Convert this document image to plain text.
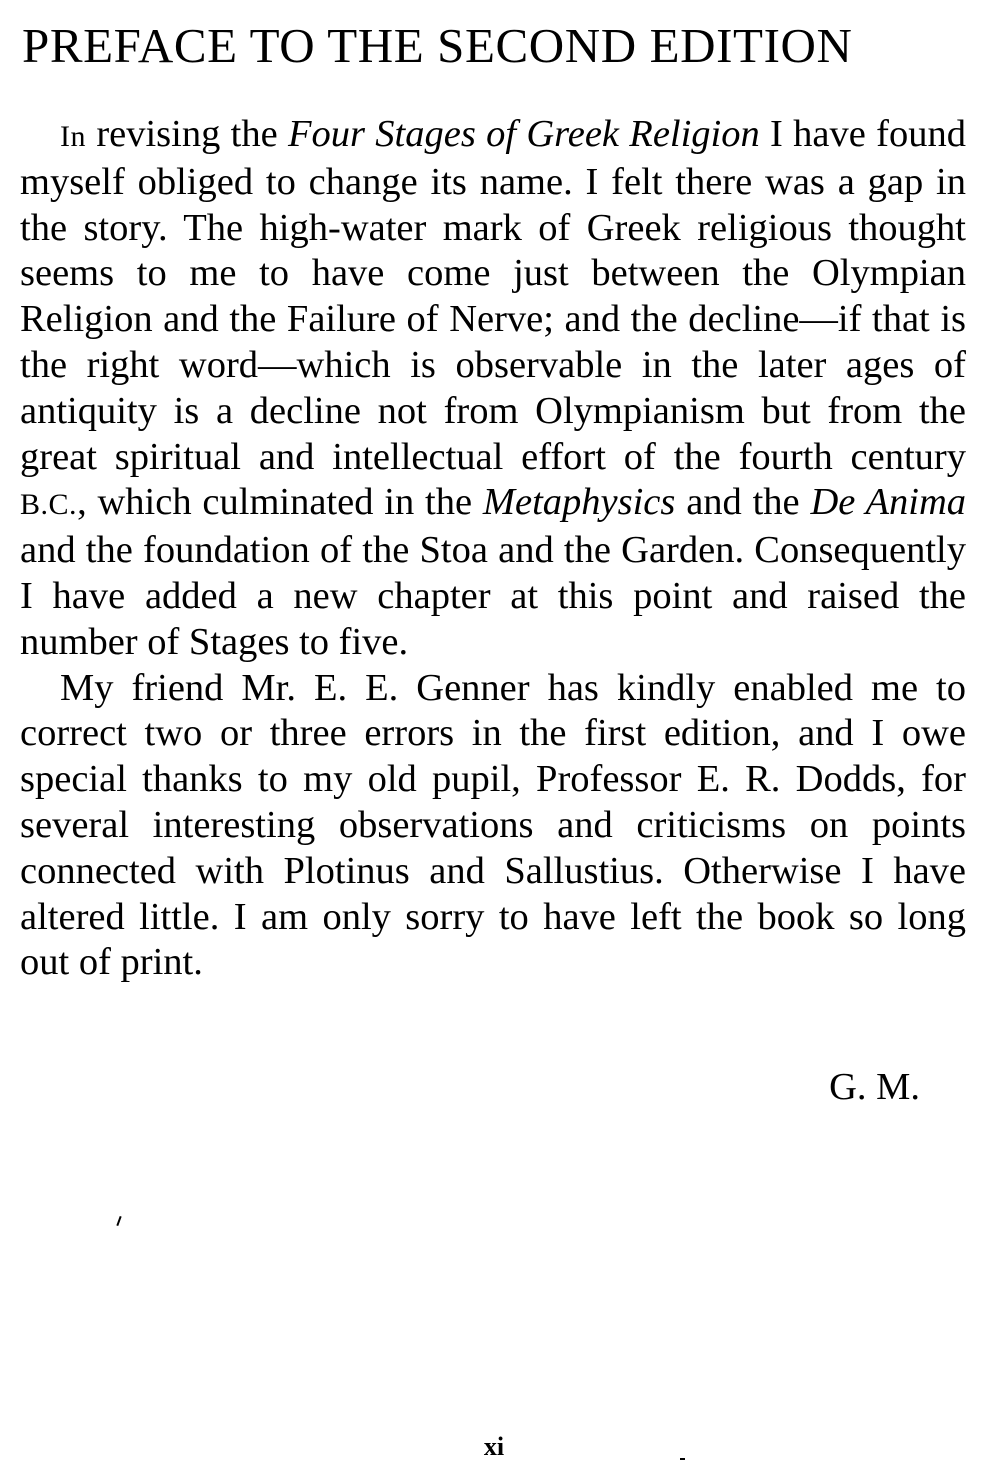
PREFACE TO THE SECOND EDITION

In revising the Four Stages of Greek Religion I have found myself obliged to change its name. I felt there was a gap in the story. The high-water mark of Greek religious thought seems to me to have come just between the Olympian Religion and the Failure of Nerve; and the decline—if that is the right word—which is observable in the later ages of antiquity is a decline not from Olympianism but from the great spiritual and intellectual effort of the fourth century B.C., which culminated in the Metaphysics and the De Anima and the foundation of the Stoa and the Garden. Consequently I have added a new chapter at this point and raised the number of Stages to five.

My friend Mr. E. E. Genner has kindly enabled me to correct two or three errors in the first edition, and I owe special thanks to my old pupil, Professor E. R. Dodds, for several interesting observations and criticisms on points connected with Plotinus and Sallustius. Otherwise I have altered little. I am only sorry to have left the book so long out of print.

G. M.
xi
